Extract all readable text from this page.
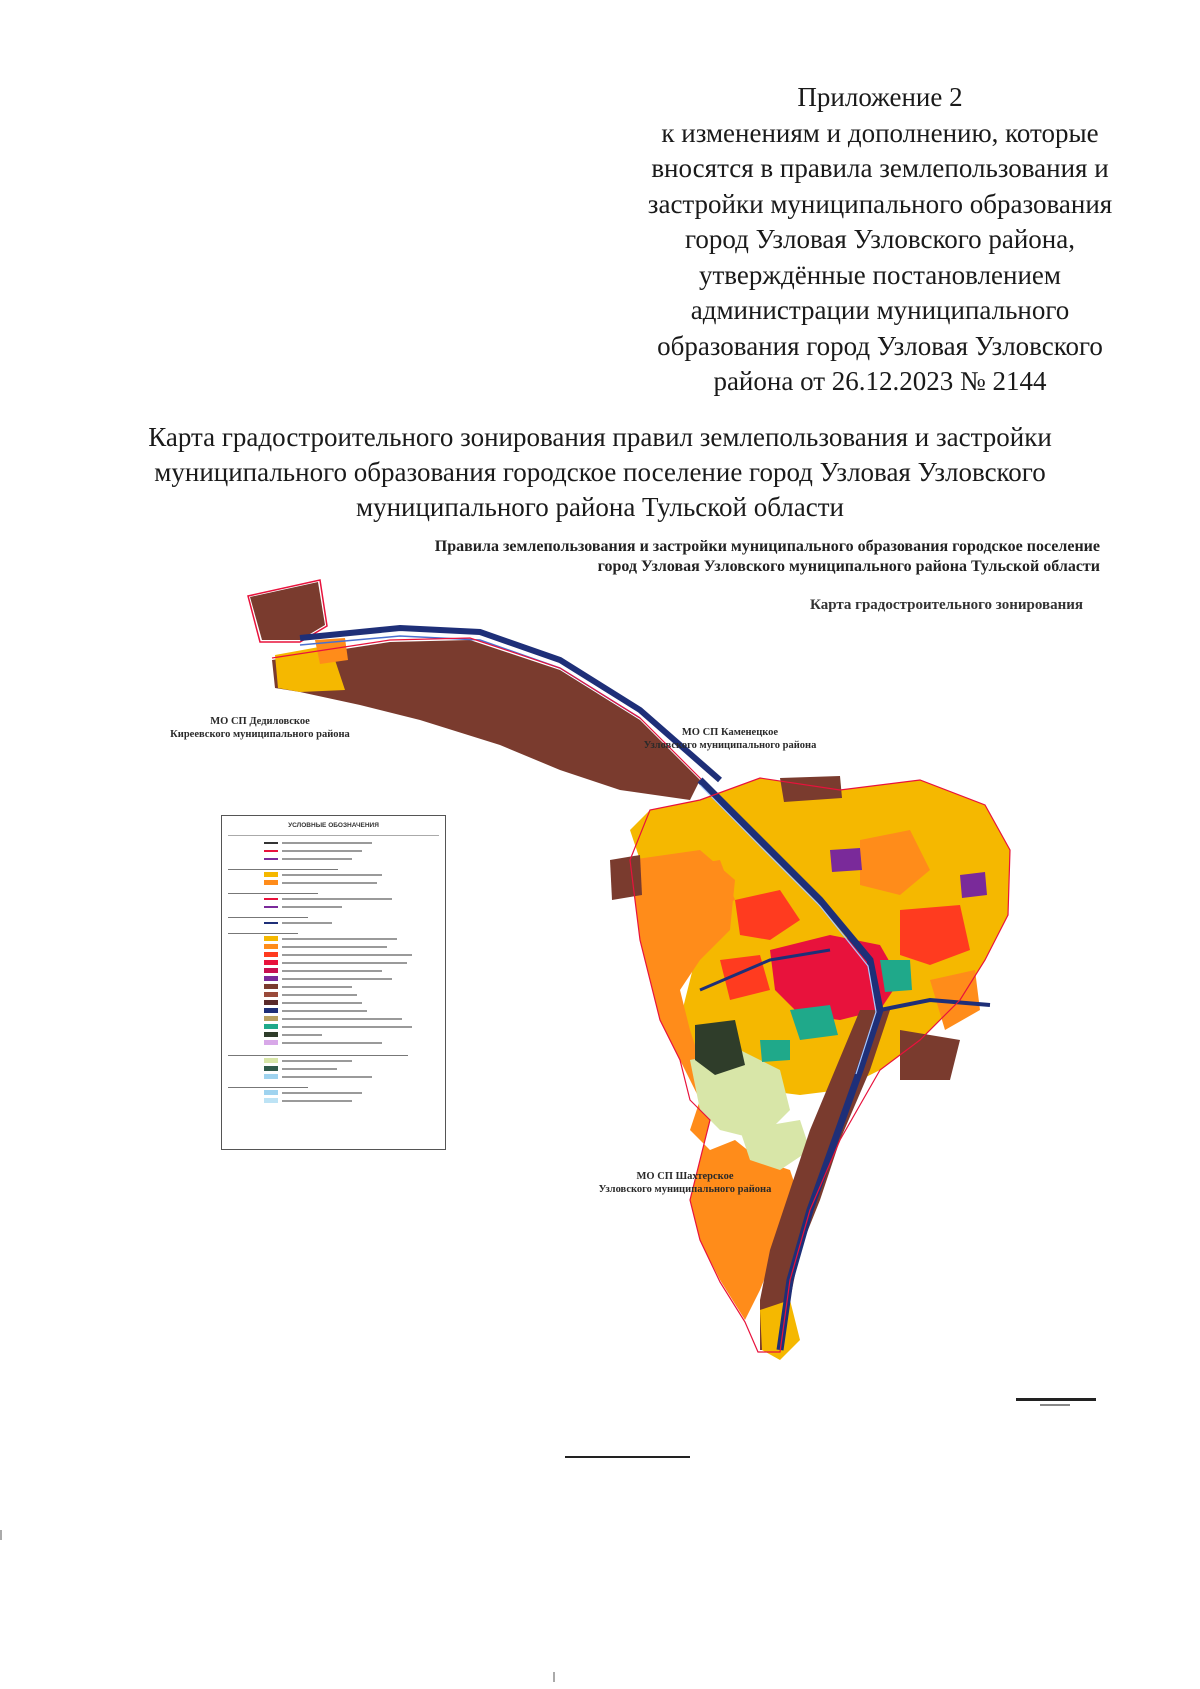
Приложение 2
к изменениям и дополнению, которые
вносятся в правила землепользования и
застройки муниципального образования
город Узловая Узловского района,
утверждённые постановлением
администрации муниципального
образования город Узловая Узловского
района от 26.12.2023 № 2144
Карта градостроительного зонирования правил землепользования и застройки
муниципального образования городское поселение город Узловая Узловского
муниципального района Тульской области
Правила землепользования и застройки муниципального образования городское поселение
город Узловая Узловского муниципального района Тульской области
Карта градостроительного зонирования
МО СП Дедиловское
Киреевского муниципального района	МО СП Каменецкое
Узловского муниципального района
МО СП Шахтерское
Узловского муниципального района
УСЛОВНЫЕ ОБОЗНАЧЕНИЯ
